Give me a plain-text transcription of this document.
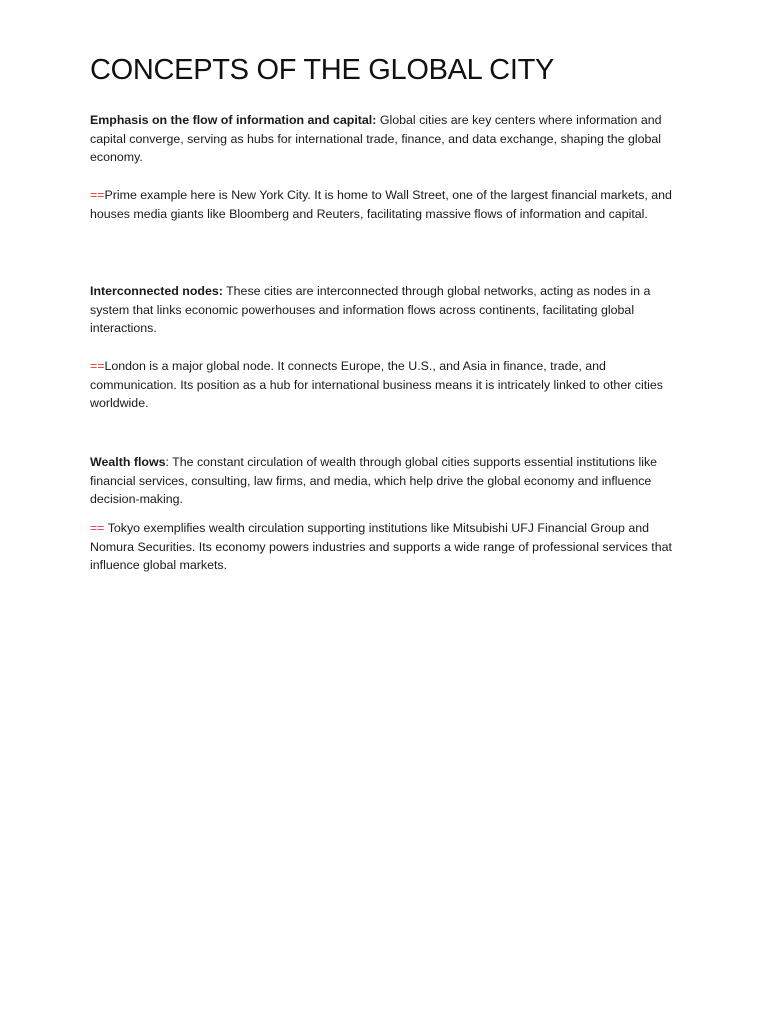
CONCEPTS OF THE GLOBAL CITY

Emphasis on the flow of information and capital: Global cities are key centers where information and capital converge, serving as hubs for international trade, finance, and data exchange, shaping the global economy.

==Prime example here is New York City. It is home to Wall Street, one of the largest financial markets, and houses media giants like Bloomberg and Reuters, facilitating massive flows of information and capital.

Interconnected nodes: These cities are interconnected through global networks, acting as nodes in a system that links economic powerhouses and information flows across continents, facilitating global interactions.

==London is a major global node. It connects Europe, the U.S., and Asia in finance, trade, and communication. Its position as a hub for international business means it is intricately linked to other cities worldwide.

Wealth flows: The constant circulation of wealth through global cities supports essential institutions like financial services, consulting, law firms, and media, which help drive the global economy and influence decision-making.

== Tokyo exemplifies wealth circulation supporting institutions like Mitsubishi UFJ Financial Group and Nomura Securities. Its economy powers industries and supports a wide range of professional services that influence global markets.
